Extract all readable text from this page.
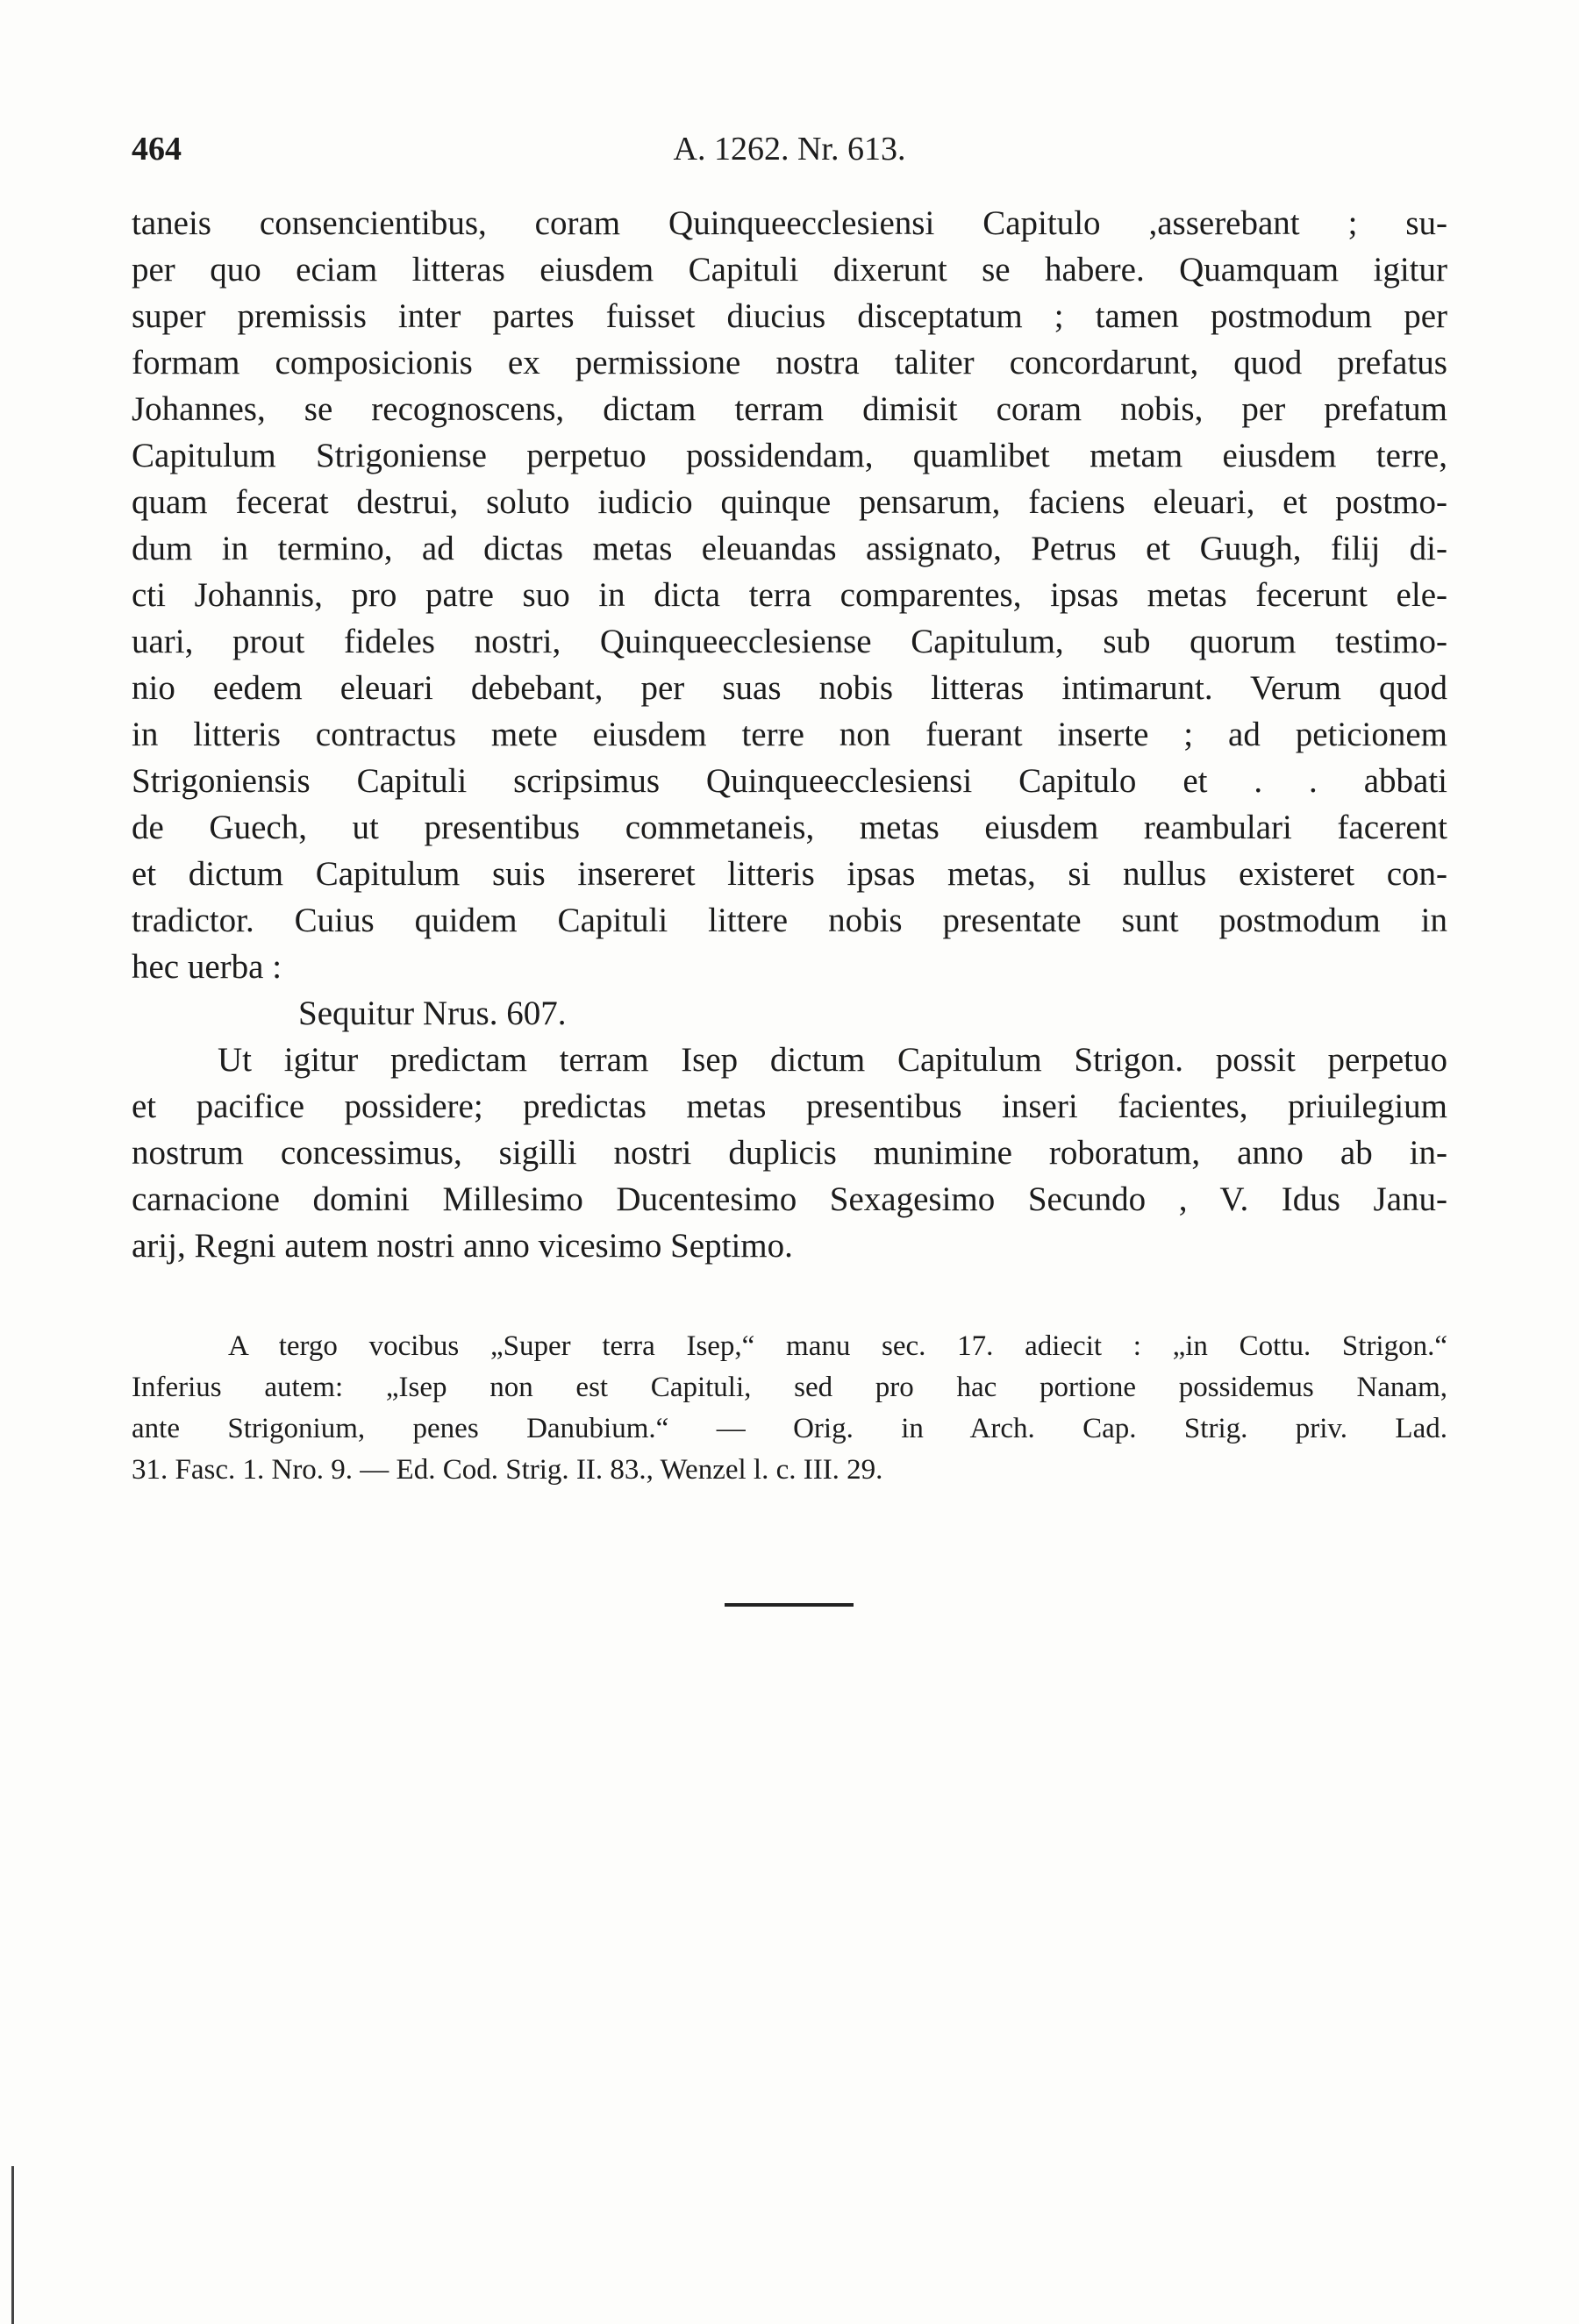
464	A. 1262. Nr. 613.
taneis consencientibus, coram Quinqueecclesiensi Capitulo ,asserebant ; su-
per quo eciam litteras eiusdem Capituli dixerunt se habere. Quamquam igitur
super premissis inter partes fuisset diucius disceptatum ; tamen postmodum per
formam composicionis ex permissione nostra taliter concordarunt, quod prefatus
Johannes, se recognoscens, dictam terram dimisit coram nobis, per prefatum
Capitulum Strigoniense perpetuo possidendam, quamlibet metam eiusdem terre,
quam fecerat destrui, soluto iudicio quinque pensarum, faciens eleuari, et postmo-
dum in termino, ad dictas metas eleuandas assignato, Petrus et Guugh, filij di-
cti Johannis, pro patre suo in dicta terra comparentes, ipsas metas fecerunt ele-
uari, prout fideles nostri, Quinqueecclesiense Capitulum, sub quorum testimo-
nio eedem eleuari debebant, per suas nobis litteras intimarunt. Verum quod
in litteris contractus mete eiusdem terre non fuerant inserte ; ad peticionem
Strigoniensis Capituli scripsimus Quinqueecclesiensi Capitulo et . . abbati
de Guech, ut presentibus commetaneis, metas eiusdem reambulari facerent
et dictum Capitulum suis insereret litteris ipsas metas, si nullus existeret con-
tradictor. Cuius quidem Capituli littere nobis presentate sunt postmodum in
hec uerba :
Sequitur Nrus. 607.
Ut igitur predictam terram Isep dictum Capitulum Strigon. possit perpetuo
et pacifice possidere; predictas metas presentibus inseri facientes, priuilegium
nostrum concessimus, sigilli nostri duplicis munimine roboratum, anno ab in-
carnacione domini Millesimo Ducentesimo Sexagesimo Secundo , V. Idus Janu-
arij, Regni autem nostri anno vicesimo Septimo.
A tergo vocibus „Super terra Isep,“ manu sec. 17. adiecit : „in Cottu. Strigon.“
Inferius autem: „Isep non est Capituli, sed pro hac portione possidemus Nanam,
ante Strigonium, penes Danubium.“ — Orig. in Arch. Cap. Strig. priv. Lad.
31. Fasc. 1. Nro. 9. — Ed. Cod. Strig. II. 83., Wenzel l. c. III. 29.
